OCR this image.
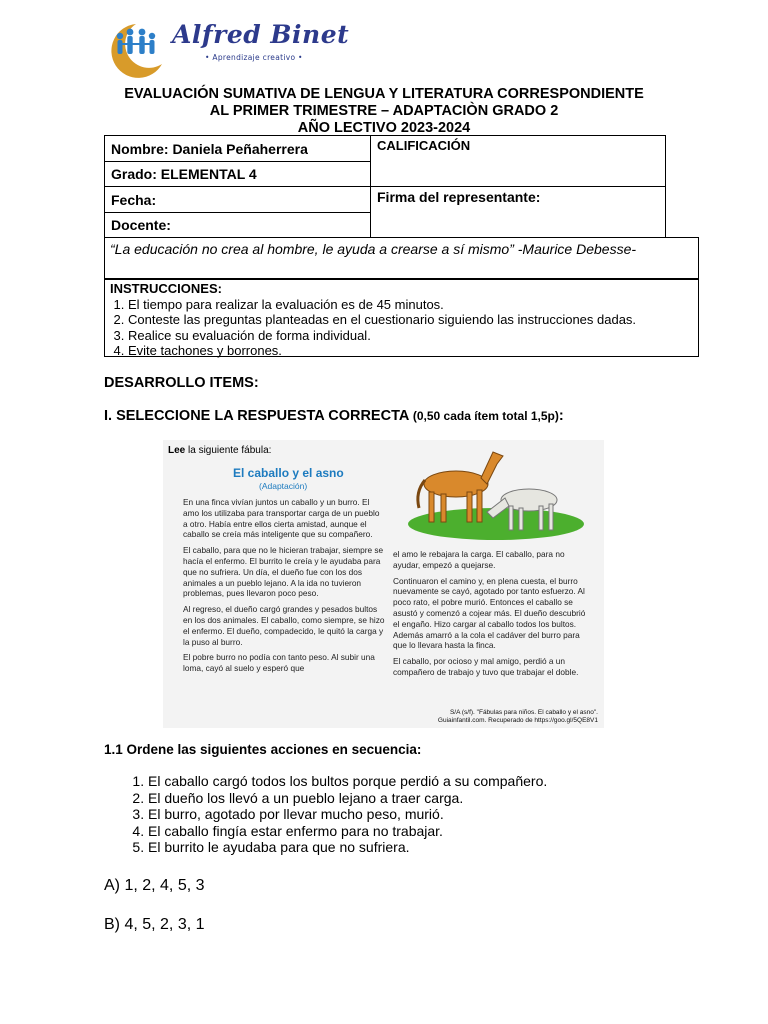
Alfred Binet
• Aprendizaje creativo •
EVALUACIÓN SUMATIVA DE LENGUA Y LITERATURA CORRESPONDIENTE
AL PRIMER TRIMESTRE – ADAPTACIÒN GRADO 2
AÑO LECTIVO 2023-2024
Nombre: Daniela Peñaherrera	CALIFICACIÓN
Grado: ELEMENTAL 4	
Fecha:	Firma del representante:
Docente:	
“La educación no crea al hombre, le ayuda a crearse a sí mismo” -Maurice Debesse-
INSTRUCCIONES:
1. El tiempo para realizar la evaluación es de 45 minutos.
2. Conteste las preguntas planteadas en el cuestionario siguiendo las instrucciones dadas.
3. Realice su evaluación de forma individual.
4. Evite tachones y borrones.
DESARROLLO ITEMS:
I. SELECCIONE LA RESPUESTA CORRECTA (0,50 cada ítem total 1,5p):
Lee la siguiente fábula:
El caballo y el asno
(Adaptación)

En una finca vivían juntos un caballo y un burro. El amo los utilizaba para transportar carga de un pueblo a otro. Había entre ellos cierta amistad, aunque el caballo se creía más inteligente que su compañero.

El caballo, para que no le hicieran trabajar, siempre se hacía el enfermo. El burrito le creía y le ayudaba para que no sufriera. Un día, el dueño fue con los dos animales a un pueblo lejano. A la ida no tuvieron problemas, pues llevaron poco peso.

Al regreso, el dueño cargó grandes y pesados bultos en los dos animales. El caballo, como siempre, se hizo el enfermo. El dueño, compadecido, le quitó la carga y la puso al burro.

El pobre burro no podía con tanto peso. Al subir una loma, cayó al suelo y esperó que

el amo le rebajara la carga. El caballo, para no ayudar, empezó a quejarse.

Continuaron el camino y, en plena cuesta, el burro nuevamente se cayó, agotado por tanto esfuerzo. Al poco rato, el pobre murió. Entonces el caballo se asustó y comenzó a cojear más. El dueño descubrió el engaño. Hizo cargar al caballo todos los bultos. Además amarró a la cola el cadáver del burro para que lo llevara hasta la finca.

El caballo, por ocioso y mal amigo, perdió a un compañero de trabajo y tuvo que trabajar el doble.

S/A (s/f). "Fábulas para niños. El caballo y el asno".
Guiainfantil.com. Recuperado de https://goo.gl/5QE8V1
1.1 Ordene las siguientes acciones en secuencia:
1. El caballo cargó todos los bultos porque perdió a su compañero.
2. El dueño los llevó a un pueblo lejano a traer carga.
3. El burro, agotado por llevar mucho peso, murió.
4. El caballo fingía estar enfermo para no trabajar.
5. El burrito le ayudaba para que no sufriera.
A) 1, 2, 4, 5, 3
B) 4, 5, 2, 3, 1
